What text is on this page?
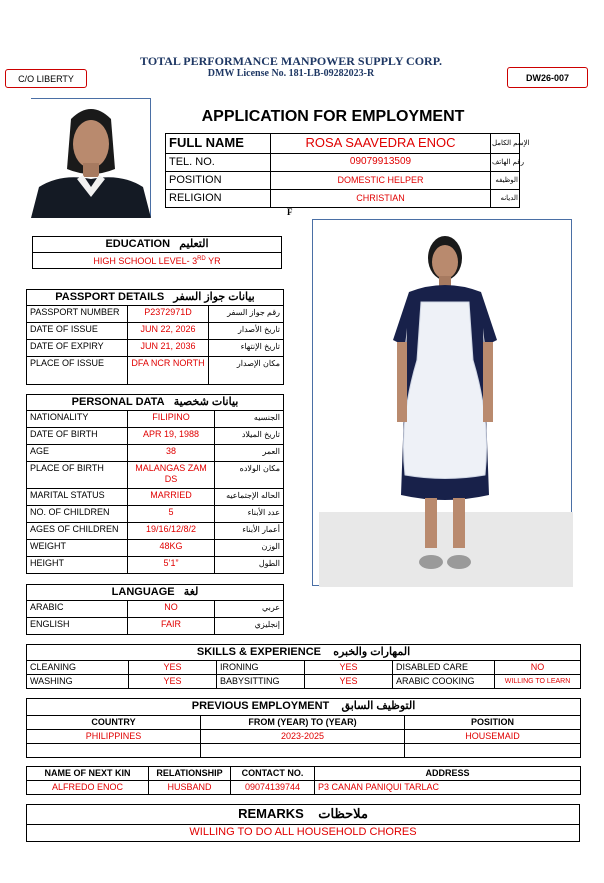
TOTAL PERFORMANCE MANPOWER SUPPLY CORP.
DMW License No. 181-LB-09282023-R
C/O LIBERTY	DW26-007
APPLICATION FOR EMPLOYMENT
FULL NAME	ROSA SAAVEDRA ENOC	الإسم الكامل
TEL. NO.	09079913509	رقم الهاتف
POSITION	DOMESTIC HELPER	الوظيفه
RELIGION	CHRISTIAN	الديانه
F
EDUCATION التعليم
HIGH SCHOOL LEVEL- 3RD YR
PASSPORT DETAILS بيانات جواز السفر		
PASSPORT NUMBER	P2372971D	رقم جواز السفر
DATE OF ISSUE	JUN 22, 2026	تاريخ الأصدار
DATE OF EXPIRY	JUN 21, 2036	تاريخ الإنتهاء
PLACE OF ISSUE	DFA NCR NORTH	مكان الإصدار
PERSONAL DATA بيانات شخصية		
NATIONALITY	FILIPINO	الجنسيه
DATE OF BIRTH	APR 19, 1988	تاريخ الميلاد
AGE	38	العمر
PLACE OF BIRTH	MALANGAS ZAM DS	مكان الولاده
MARITAL STATUS	MARRIED	الحاله الإجتماعيه
NO. OF CHILDREN	5	عدد الأبناء
AGES OF CHILDREN	19/16/12/8/2	أعمار الأبناء
WEIGHT	48KG	الوزن
HEIGHT	5’1”	الطول
LANGUAGE لغة		
ARABIC	NO	عربي
ENGLISH	FAIR	إنجليزي
SKILLS & EXPERIENCE المهارات والخبره					
CLEANING	YES	IRONING	YES	DISABLED CARE	NO
WASHING	YES	BABYSITTING	YES	ARABIC COOKING	WILLING TO LEARN
PREVIOUS EMPLOYMENT التوظيف السابق		
COUNTRY	FROM (YEAR) TO (YEAR)	POSITION
PHILIPPINES	2023-2025	HOUSEMAID

NAME OF NEXT KIN	RELATIONSHIP	CONTACT NO.	ADDRESS
ALFREDO ENOC	HUSBAND	09074139744	P3 CANAN PANIQUI TARLAC
REMARKS ملاحظات
WILLING TO DO ALL HOUSEHOLD CHORES
